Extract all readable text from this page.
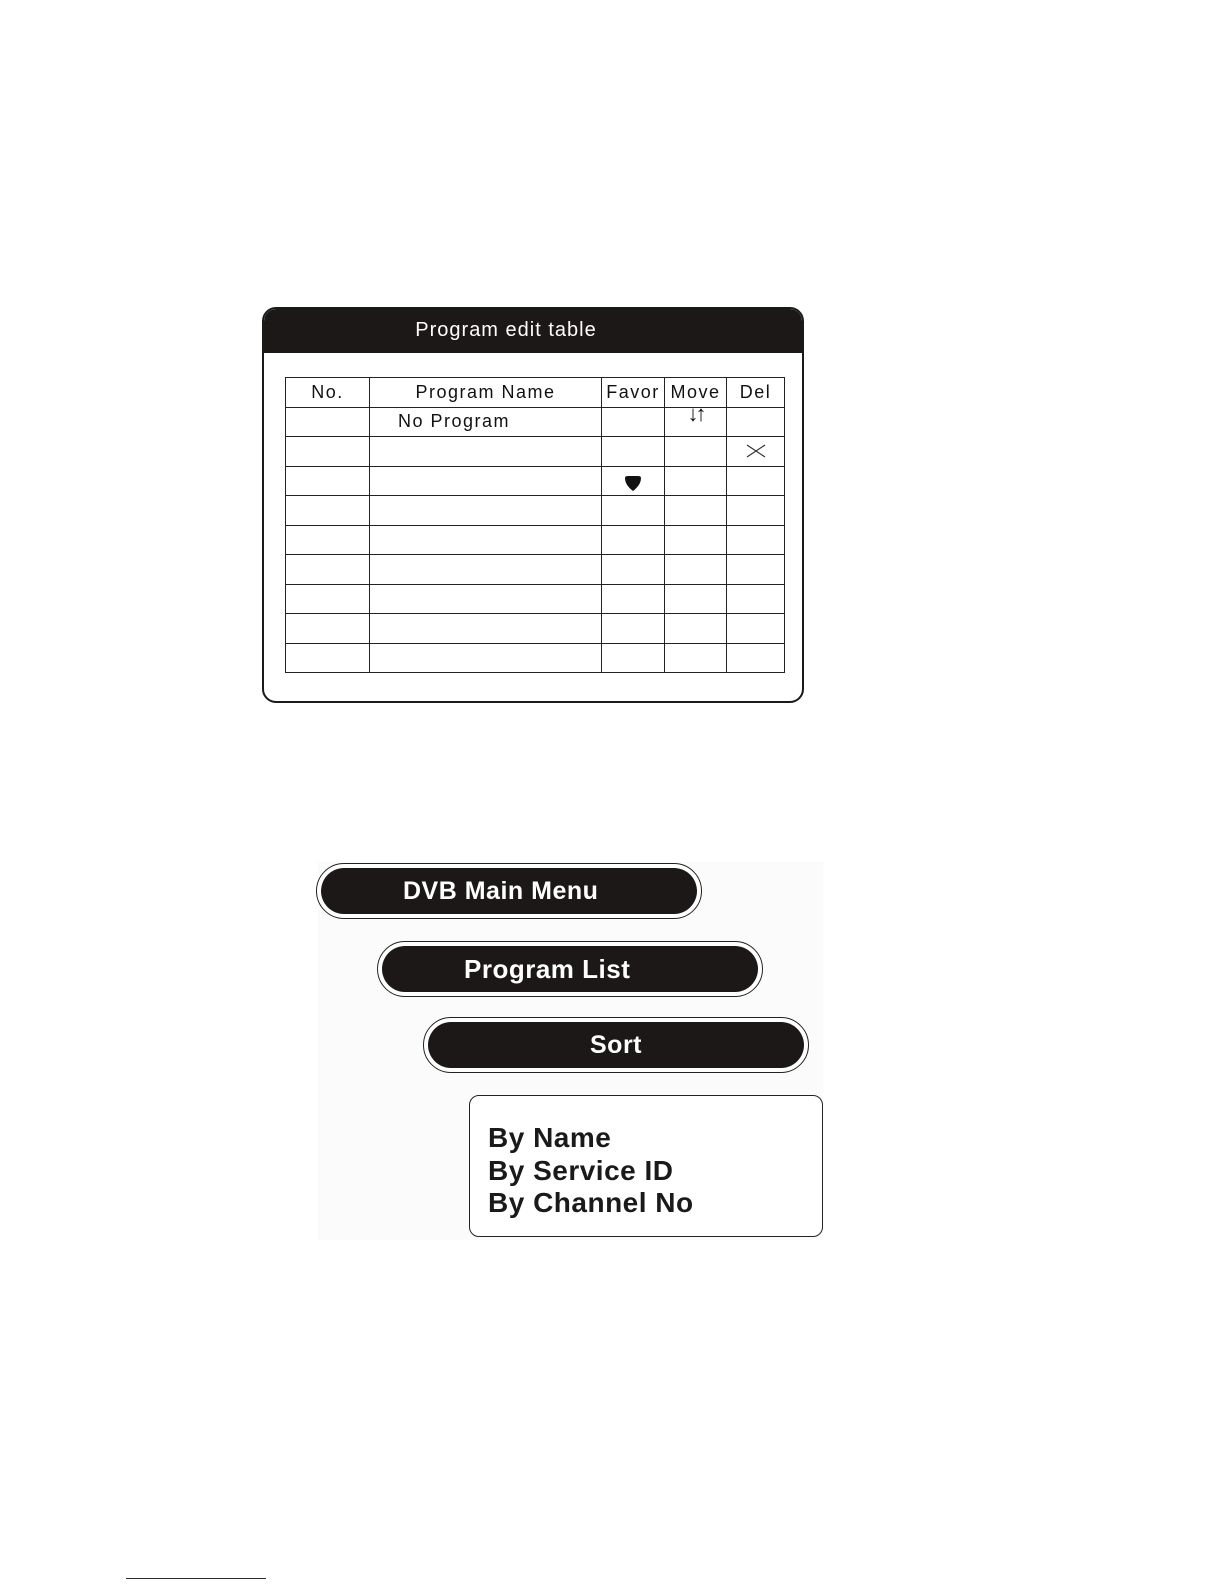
Program edit table
No.	Program Name	Favor	Move	Del
	No Program		↓↑	

DVB Main Menu
Program List
Sort
By Name
By Service ID
By Channel No
